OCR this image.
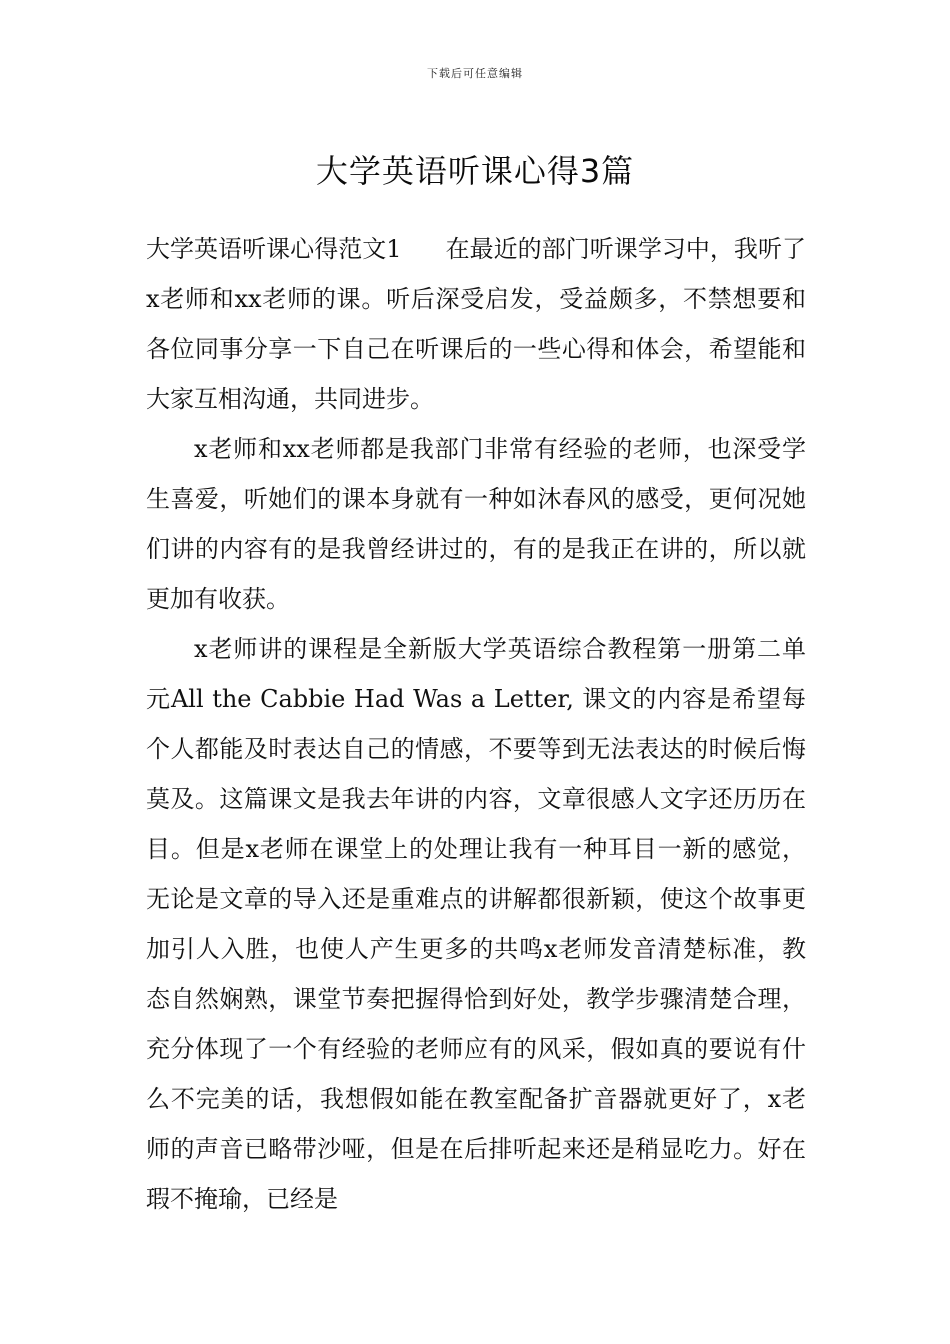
下载后可任意编辑
大学英语听课心得3篇

大学英语听课心得范文1 在最近的部门听课学习中，我听了x老师和xx老师的课。听后深受启发，受益颇多，不禁想要和各位同事分享一下自己在听课后的一些心得和体会，希望能和大家互相沟通，共同进步。

x老师和xx老师都是我部门非常有经验的老师，也深受学生喜爱，听她们的课本身就有一种如沐春风的感受，更何况她们讲的内容有的是我曾经讲过的，有的是我正在讲的，所以就更加有收获。

x老师讲的课程是全新版大学英语综合教程第一册第二单元All the Cabbie Had Was a Letter, 课文的内容是希望每个人都能及时表达自己的情感，不要等到无法表达的时候后悔莫及。这篇课文是我去年讲的内容，文章很感人文字还历历在目。但是x老师在课堂上的处理让我有一种耳目一新的感觉，无论是文章的导入还是重难点的讲解都很新颖，使这个故事更加引人入胜，也使人产生更多的共鸣x老师发音清楚标准，教态自然娴熟，课堂节奏把握得恰到好处，教学步骤清楚合理，充分体现了一个有经验的老师应有的风采，假如真的要说有什么不完美的话，我想假如能在教室配备扩音器就更好了，x老师的声音已略带沙哑，但是在后排听起来还是稍显吃力。好在瑕不掩瑜，已经是
